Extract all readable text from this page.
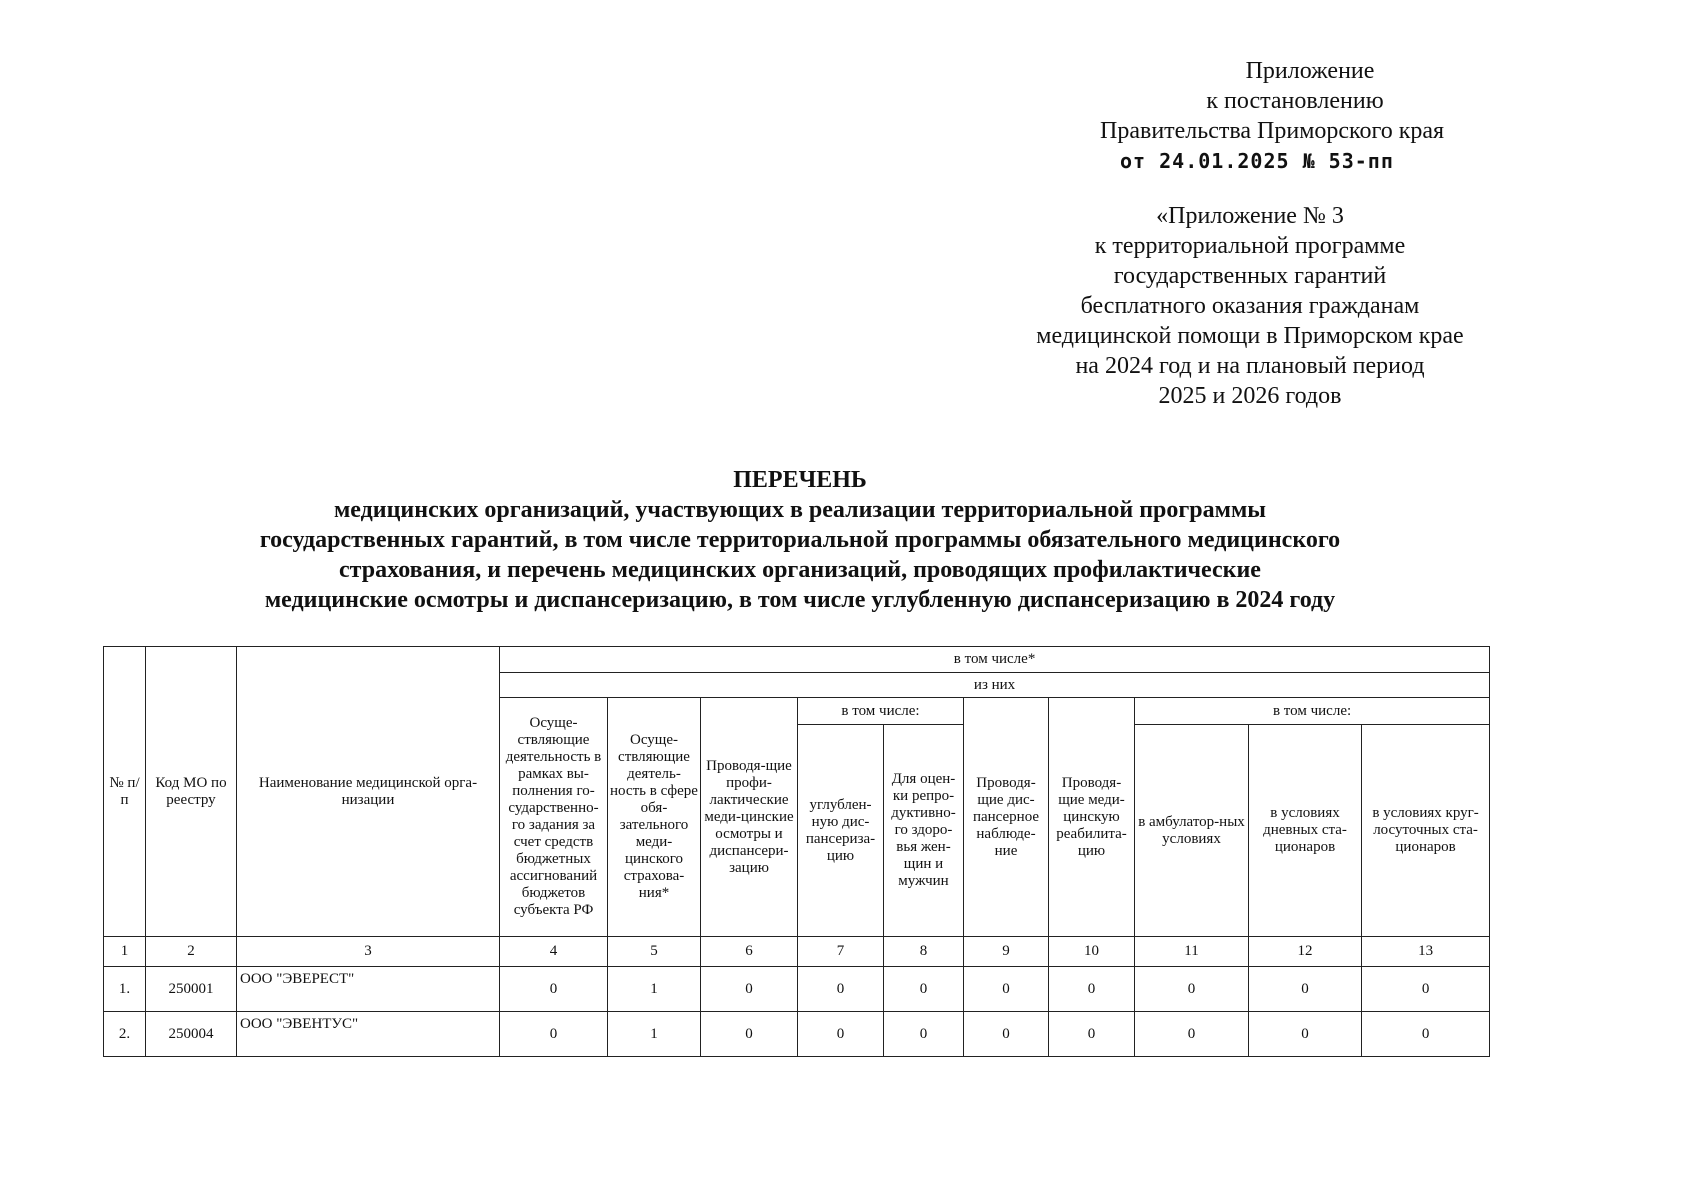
Приложение
к постановлению
Правительства Приморского края
от 24.01.2025 № 53-пп
«Приложение № 3
к территориальной программе
государственных гарантий
бесплатного оказания гражданам
медицинской помощи в Приморском крае
на 2024 год и на плановый период
2025 и 2026 годов
ПЕРЕЧЕНЬ
медицинских организаций, участвующих в реализации территориальной программы
государственных гарантий, в том числе территориальной программы обязательного медицинского
страхования, и перечень медицинских организаций, проводящих профилактические
медицинские осмотры и диспансеризацию, в том числе углубленную диспансеризацию в 2024 году
№ п/п	Код МО по реестру	Наименование медицинской орга-низации	в том числе*									
			из них									
			Осуще-ствляющие деятельность в рамках вы-полнения го-сударственно-го задания за счет средств бюджетных ассигнований бюджетов субъекта РФ	Осуще-ствляющие деятель-ность в сфере обя-зательного меди-цинского страхова-ния*	Проводя-щие профи-лактические меди-цинские осмотры и диспансери-зацию	в том числе:		Проводя-щие дис-пансерное наблюде-ние	Проводя-щие меди-цинскую реабилита-цию	в том числе:		
						углублен-ную дис-пансериза-цию	Для оцен-ки репро-дуктивно-го здоро-вья жен-щин и мужчин			в амбулатор-ных условиях	в условиях дневных ста-ционаров	в условиях круг-лосуточных ста-ционаров
1	2	3	4	5	6	7	8	9	10	11	12	13
1.	250001	ООО "ЭВЕРЕСТ"	0	1	0	0	0	0	0	0	0	0
2.	250004	ООО "ЭВЕНТУС"	0	1	0	0	0	0	0	0	0	0
